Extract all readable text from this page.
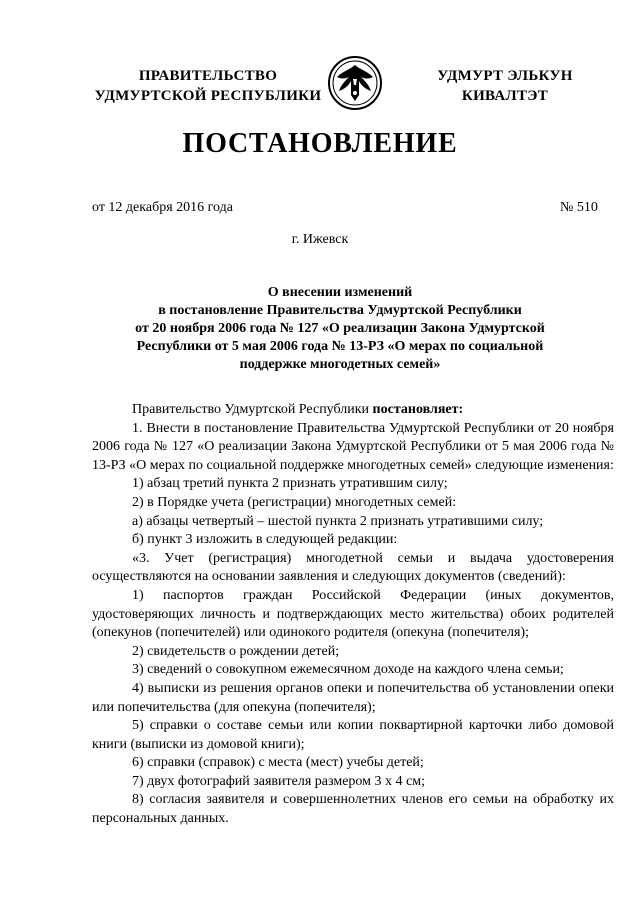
ПРАВИТЕЛЬСТВО
УДМУРТСКОЙ РЕСПУБЛИКИ
УДМУРТ ЭЛЬКУН
КИВАЛТЭТ
ПОСТАНОВЛЕНИЕ
от 12 декабря 2016 года	№ 510
г. Ижевск
О внесении изменений
в постановление Правительства Удмуртской Республики
от 20 ноября 2006 года № 127 «О реализации Закона Удмуртской
Республики от 5 мая 2006 года № 13-РЗ «О мерах по социальной
поддержке многодетных семей»

Правительство Удмуртской Республики постановляет:

1. Внести в постановление Правительства Удмуртской Республики от 20 ноября 2006 года № 127 «О реализации Закона Удмуртской Республики от 5 мая 2006 года № 13-РЗ «О мерах по социальной поддержке многодетных семей» следующие изменения:

1) абзац третий пункта 2 признать утратившим силу;

2) в Порядке учета (регистрации) многодетных семей:

а) абзацы четвертый – шестой пункта 2 признать утратившими силу;

б) пункт 3 изложить в следующей редакции:

«3. Учет (регистрация) многодетной семьи и выдача удостоверения осуществляются на основании заявления и следующих документов (сведений):

1) паспортов граждан Российской Федерации (иных документов, удостоверяющих личность и подтверждающих место жительства) обоих родителей (опекунов (попечителей) или одинокого родителя (опекуна (попечителя);

2) свидетельств о рождении детей;

3) сведений о совокупном ежемесячном доходе на каждого члена семьи;

4) выписки из решения органов опеки и попечительства об установлении опеки или попечительства (для опекуна (попечителя);

5) справки о составе семьи или копии поквартирной карточки либо домовой книги (выписки из домовой книги);

6) справки (справок) с места (мест) учебы детей;

7) двух фотографий заявителя размером 3 х 4 см;

8) согласия заявителя и совершеннолетних членов его семьи на обработку их персональных данных.
